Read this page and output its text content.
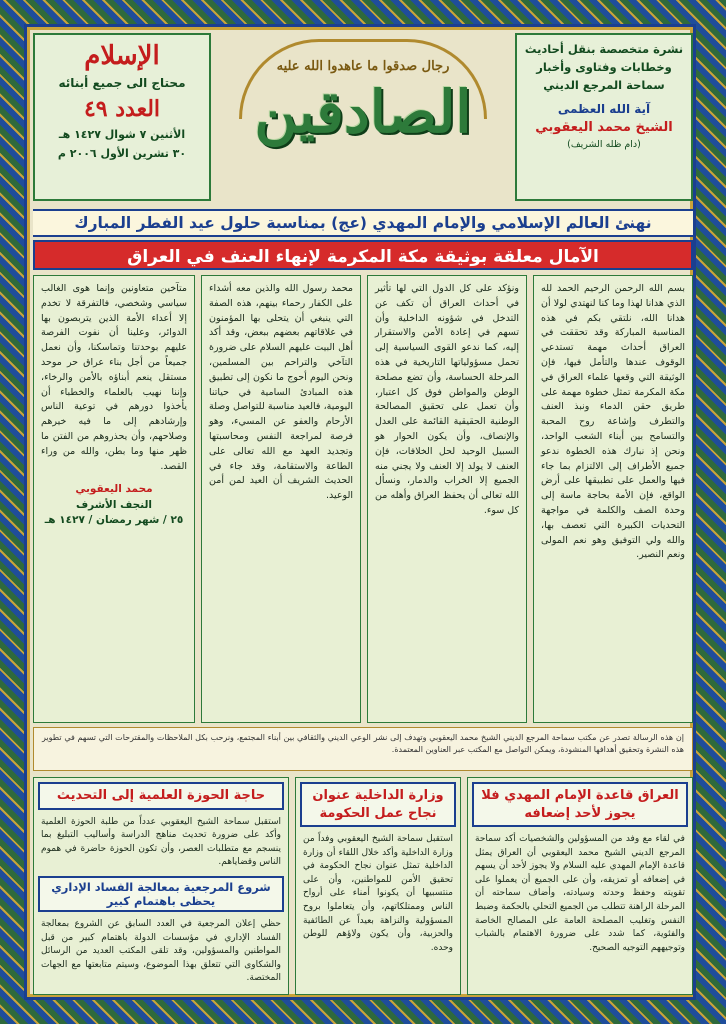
نشرة متخصصة بنقل أحاديث
وخطابات وفتاوى وأخبار
سماحة المرجع الديني
آية الله العظمى
الشيخ محمد اليعقوبي
(دام ظله الشريف)
رجال صدقوا ما عاهدوا الله عليه
الصادقين
الإسلام
محتاج الى جميع أبنائه
العدد ٤٩
الأثنين ٧ شوال ١٤٢٧ هـ
٣٠ تشرين الأول ٢٠٠٦ م
نهنئ العالم الإسلامي والإمام المهدي (عج) بمناسبة حلول عيد الفطر المبارك
الآمال معلقة بوثيقة مكة المكرمة لإنهاء العنف في العراق
بسم الله الرحمن الرحيم الحمد لله الذي هدانا لهذا وما كنا لنهتدي لولا أن هدانا الله، نلتقي بكم في هذه المناسبة المباركة وقد تحققت في العراق أحداث مهمة تستدعي الوقوف عندها والتأمل فيها، فإن الوثيقة التي وقعها علماء العراق في مكة المكرمة تمثل خطوة مهمة على طريق حقن الدماء ونبذ العنف والتطرف وإشاعة روح المحبة والتسامح بين أبناء الشعب الواحد، ونحن إذ نبارك هذه الخطوة ندعو جميع الأطراف إلى الالتزام بما جاء فيها والعمل على تطبيقها على أرض الواقع، فإن الأمة بحاجة ماسة إلى وحدة الصف والكلمة في مواجهة التحديات الكبيرة التي تعصف بها، والله ولي التوفيق وهو نعم المولى ونعم النصير.
ونؤكد على كل الدول التي لها تأثير في أحداث العراق أن تكف عن التدخل في شؤونه الداخلية وأن تسهم في إعادة الأمن والاستقرار إليه، كما ندعو القوى السياسية إلى تحمل مسؤولياتها التاريخية في هذه المرحلة الحساسة، وأن تضع مصلحة الوطن والمواطن فوق كل اعتبار، وأن تعمل على تحقيق المصالحة الوطنية الحقيقية القائمة على العدل والإنصاف، وأن يكون الحوار هو السبيل الوحيد لحل الخلافات، فإن العنف لا يولد إلا العنف ولا يجني منه الجميع إلا الخراب والدمار، ونسأل الله تعالى أن يحفظ العراق وأهله من كل سوء.
محمد رسول الله والذين معه أشداء على الكفار رحماء بينهم، هذه الصفة التي ينبغي أن يتحلى بها المؤمنون في علاقاتهم بعضهم ببعض، وقد أكد أهل البيت عليهم السلام على ضرورة التآخي والتراحم بين المسلمين، ونحن اليوم أحوج ما نكون إلى تطبيق هذه المبادئ السامية في حياتنا اليومية، فالعيد مناسبة للتواصل وصلة الأرحام والعفو عن المسيء، وهو فرصة لمراجعة النفس ومحاسبتها وتجديد العهد مع الله تعالى على الطاعة والاستقامة، وقد جاء في الحديث الشريف أن العيد لمن أمن الوعيد.
متآخين متعاونين وإنما هوى الغالب سياسي وشخصي، فالتفرقة لا تخدم إلا أعداء الأمة الذين يتربصون بها الدوائر، وعلينا أن نفوت الفرصة عليهم بوحدتنا وتماسكنا، وأن نعمل جميعاً من أجل بناء عراق حر موحد مستقل ينعم أبناؤه بالأمن والرخاء، وإننا نهيب بالعلماء والخطباء أن يأخذوا دورهم في توعية الناس وإرشادهم إلى ما فيه خيرهم وصلاحهم، وأن يحذروهم من الفتن ما ظهر منها وما بطن، والله من وراء القصد.
محمد اليعقوبي
النجف الأشرف
٢٥ / شهر رمضان / ١٤٢٧ هـ
إن هذه الرسالة تصدر عن مكتب سماحة المرجع الديني الشيخ محمد اليعقوبي وتهدف إلى نشر الوعي الديني والثقافي بين أبناء المجتمع، ونرحب بكل الملاحظات والمقترحات التي تسهم في تطوير هذه النشرة وتحقيق أهدافها المنشودة، ويمكن التواصل مع المكتب عبر العناوين المعتمدة.
العراق قاعدة الإمام المهدي فلا يجوز لأحد إضعافه
في لقاء مع وفد من المسؤولين والشخصيات أكد سماحة المرجع الديني الشيخ محمد اليعقوبي أن العراق يمثل قاعدة الإمام المهدي عليه السلام ولا يجوز لأحد أن يسهم في إضعافه أو تمزيقه، وأن على الجميع أن يعملوا على تقويته وحفظ وحدته وسيادته، وأضاف سماحته أن المرحلة الراهنة تتطلب من الجميع التحلي بالحكمة وضبط النفس وتغليب المصلحة العامة على المصالح الخاصة والفئوية، كما شدد على ضرورة الاهتمام بالشباب وتوجيههم التوجيه الصحيح.
وزارة الداخلية عنوان نجاح عمل الحكومة
استقبل سماحة الشيخ اليعقوبي وفداً من وزارة الداخلية وأكد خلال اللقاء أن وزارة الداخلية تمثل عنوان نجاح الحكومة في تحقيق الأمن للمواطنين، وأن على منتسبيها أن يكونوا أمناء على أرواح الناس وممتلكاتهم، وأن يتعاملوا بروح المسؤولية والنزاهة بعيداً عن الطائفية والحزبية، وأن يكون ولاؤهم للوطن وحده.
حاجة الحوزة العلمية إلى التحديث
استقبل سماحة الشيخ اليعقوبي عدداً من طلبة الحوزة العلمية وأكد على ضرورة تحديث مناهج الدراسة وأساليب التبليغ بما ينسجم مع متطلبات العصر، وأن تكون الحوزة حاضرة في هموم الناس وقضاياهم.
شروع المرجعية بمعالجة الفساد الإداري يحظى باهتمام كبير
حظي إعلان المرجعية في العدد السابق عن الشروع بمعالجة الفساد الإداري في مؤسسات الدولة باهتمام كبير من قبل المواطنين والمسؤولين، وقد تلقى المكتب العديد من الرسائل والشكاوى التي تتعلق بهذا الموضوع، وسيتم متابعتها مع الجهات المختصة.
